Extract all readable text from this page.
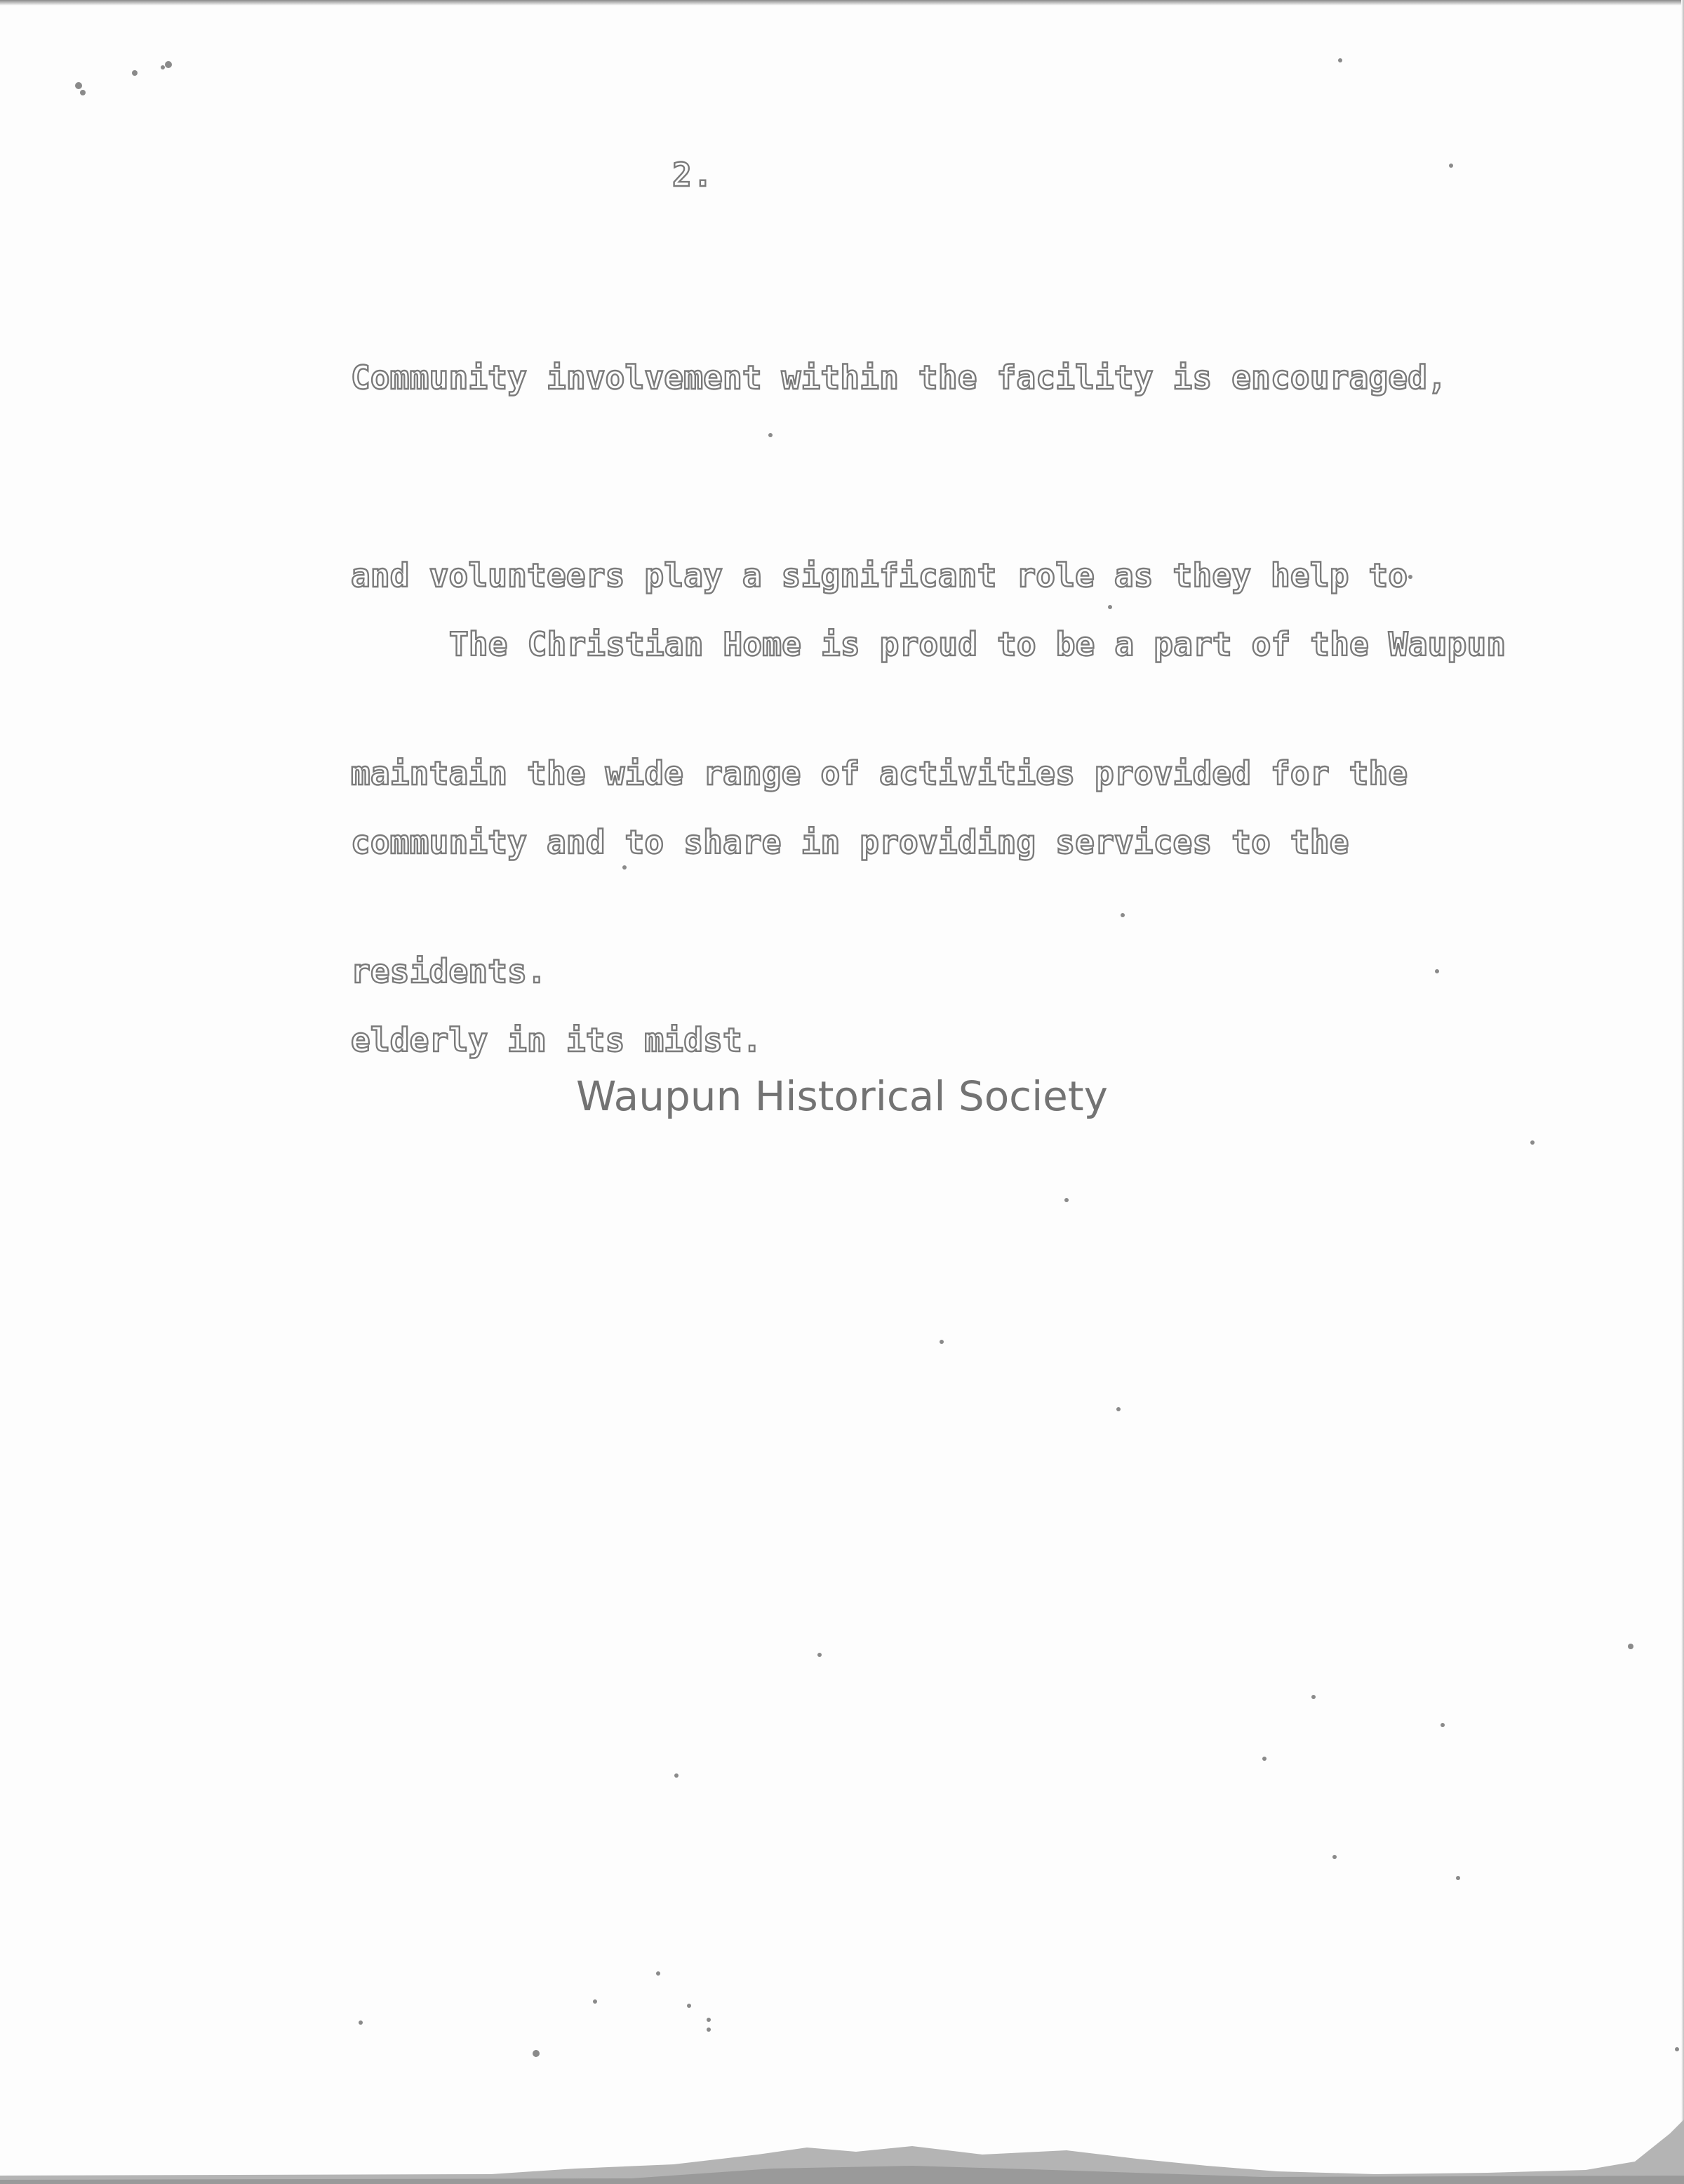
2.

Community involvement within the facility is encouraged,

and volunteers play a significant role as they help to

maintain the wide range of activities provided for the

residents.

The Christian Home is proud to be a part of the Waupun

community and to share in providing services to the

elderly in its midst.

Waupun Historical Society
